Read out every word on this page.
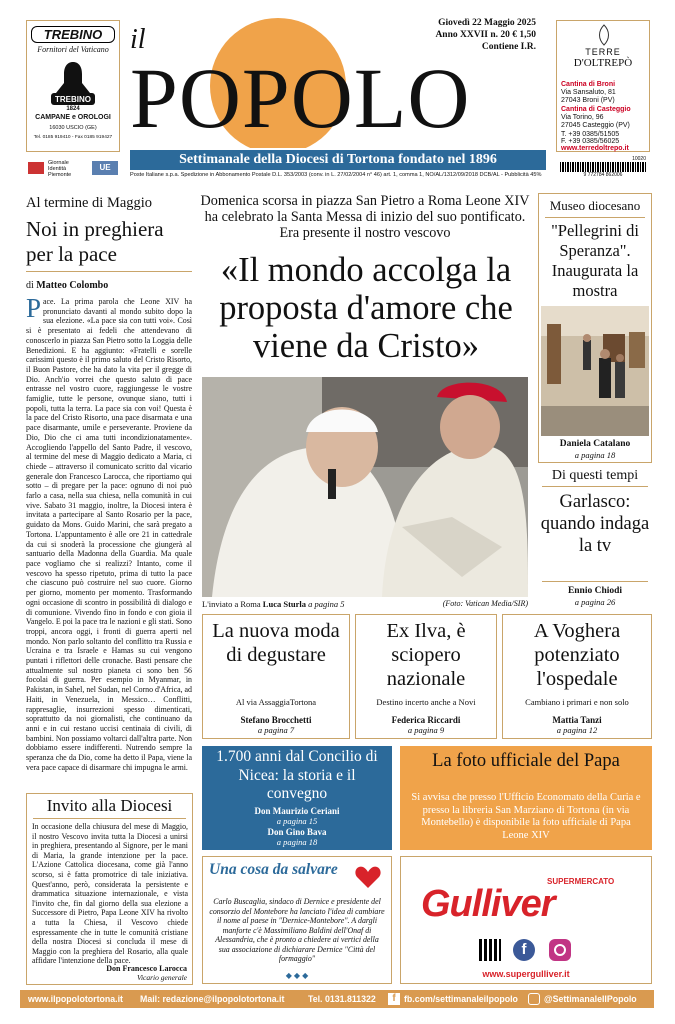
TREBINO
Fornitori del Vaticano
TREBINO
1824
CAMPANE e OROLOGI
16030 USCIO (GE)
Tel. 0185 919410 - Fax 0185 919427
Giornale Identità Piemonte
UE
il
POPOLO
Giovedì 22 Maggio 2025
Anno XXVII n. 20 € 1,50
Contiene I.R.
Settimanale della Diocesi di Tortona fondato nel 1896
Poste Italiane s.p.a. Spedizione in Abbonamento Postale D.L. 353/2003 (conv. in L. 27/02/2004 n° 46) art. 1, comma 1, NO/AL/1312/09/2018 DCB/AL - Pubblicità 45%
TERRE
D'OLTREPÒ
Cantina di Broni
Via Sansaluto, 81
27043 Broni (PV)
Cantina di Casteggio
Via Torino, 96
27045 Casteggio (PV)
T. +39 0385/51505
F. +39 0385/56025
www.terredoltrepo.it
10020
9 772784 862006
Al termine di Maggio
Noi in preghiera per la pace
di Matteo Colombo
Pace. La prima parola che Leone XIV ha pronunciato davanti al mondo subito dopo la sua elezione. «La pace sia con tutti voi». Così si è presentato ai fedeli che attendevano di conoscerlo in piazza San Pietro sotto la Loggia delle Benedizioni. E ha aggiunto: «Fratelli e sorelle carissimi questo è il primo saluto del Cristo Risorto, il Buon Pastore, che ha dato la vita per il gregge di Dio. Anch'io vorrei che questo saluto di pace entrasse nel vostro cuore, raggiungesse le vostre famiglie, tutte le persone, ovunque siano, tutti i popoli, tutta la terra. La pace sia con voi! Questa è la pace del Cristo Risorto, una pace disarmata e una pace disarmante, umile e perseverante. Proviene da Dio, Dio che ci ama tutti incondizionatamente». Accogliendo l'appello del Santo Padre, il vescovo, al termine del mese di Maggio dedicato a Maria, ci chiede – attraverso il comunicato scritto dal vicario generale don Francesco Larocca, che riportiamo qui sotto – di pregare per la pace: ognuno di noi può farlo a casa, nella sua chiesa, nella comunità in cui vive. Sabato 31 maggio, inoltre, la Diocesi intera è invitata a partecipare al Santo Rosario per la pace, guidato da Mons. Guido Marini, che sarà pregato a Tortona. L'appuntamento è alle ore 21 in cattedrale da cui si snoderà la processione che giungerà al santuario della Madonna della Guardia. Ma quale pace vogliamo che si realizzi? Intanto, come il vescovo ha spesso ripetuto, prima di tutto la pace che ciascuno può costruire nel suo cuore. Giorno per giorno, momento per momento. Trasformando ogni occasione di scontro in possibilità di dialogo e di comunione. Vivendo fino in fondo e con gioia il Vangelo. E poi la pace tra le nazioni e gli stati. Sono troppi, ancora oggi, i fronti di guerra aperti nel mondo. Non parlo soltanto del conflitto tra Russia e Ucraina e tra Israele e Hamas su cui vengono puntati i riflettori delle cronache. Basti pensare che attualmente sul nostro pianeta ci sono ben 56 focolai di guerra. Per esempio in Myanmar, in Pakistan, in Sahel, nel Sudan, nel Corno d'Africa, ad Haiti, in Venezuela, in Messico… Conflitti, rappresaglie, insurrezioni spesso dimenticati, soprattutto da noi giornalisti, che continuano da anni e in cui restano uccisi centinaia di civili, di bambini. Non possiamo voltarci dall'altra parte. Non dobbiamo essere indifferenti. Nutrendo sempre la speranza che da Dio, come ha detto il Papa, viene la vera pace capace di disarmare chi impugna le armi.
Invito alla Diocesi
In occasione della chiusura del mese di Maggio, il nostro Vescovo invita tutta la Diocesi a unirsi in preghiera, presentando al Signore, per le mani di Maria, la grande intenzione per la pace. L'Azione Cattolica diocesana, come già l'anno scorso, si è fatta promotrice di tale iniziativa. Quest'anno, però, considerata la persistente e drammatica situazione internazionale, e vista l'invito che, fin dal giorno della sua elezione a Successore di Pietro, Papa Leone XIV ha rivolto a tutta la Chiesa, il Vescovo chiede espressamente che in tutte le comunità cristiane della nostra Diocesi si concluda il mese di Maggio con la preghiera del Rosario, alla quale affidare l'intenzione della pace.
Don Francesco Larocca
Vicario generale
Domenica scorsa in piazza San Pietro a Roma Leone XIV ha celebrato la Santa Messa di inizio del suo pontificato. Era presente il nostro vescovo
«Il mondo accolga la proposta d'amore che viene da Cristo»
L'inviato a Roma Luca Sturla a pagina 5	(Foto: Vatican Media/SIR)
Museo diocesano
"Pellegrini di Speranza". Inaugurata la mostra
Daniela Catalano
a pagina 18
Di questi tempi
Garlasco: quando indaga la tv
Ennio Chiodi
a pagina 26
La nuova moda di degustare
Al via AssaggiaTortona
Stefano Brocchetti
a pagina 7
Ex Ilva, è sciopero nazionale
Destino incerto anche a Novi
Federica Riccardi
a pagina 9
A Voghera potenziato l'ospedale
Cambiano i primari e non solo
Mattia Tanzi
a pagina 12
1.700 anni dal Concilio di Nicea: la storia e il convegno
Don Maurizio Ceriani
a pagina 15
Don Gino Bava
a pagina 18
La foto ufficiale del Papa
Si avvisa che presso l'Ufficio Economato della Curia e presso la libreria San Marziano di Tortona (in via Montebello) è disponibile la foto ufficiale di Papa Leone XIV
Una cosa da salvare
Carlo Buscaglia, sindaco di Dernice e presidente del consorzio del Montebore ha lanciato l'idea di cambiare il nome al paese in "Dernice-Montebore". A dargli manforte c'è Massimiliano Baldini dell'Onaf di Alessandria, che è pronto a chiedere ai vertici della sua associazione di dichiarare Dernice "Città del formaggio"
◆◆◆
SUPERMERCATO
Gulliver
f
www.supergulliver.it
www.ilpopolotortona.it Mail: redazione@ilpopolotortona.it	Tel. 0131.811322	f fb.com/settimanaleilpopolo	@SettimanaleIlPopolo
